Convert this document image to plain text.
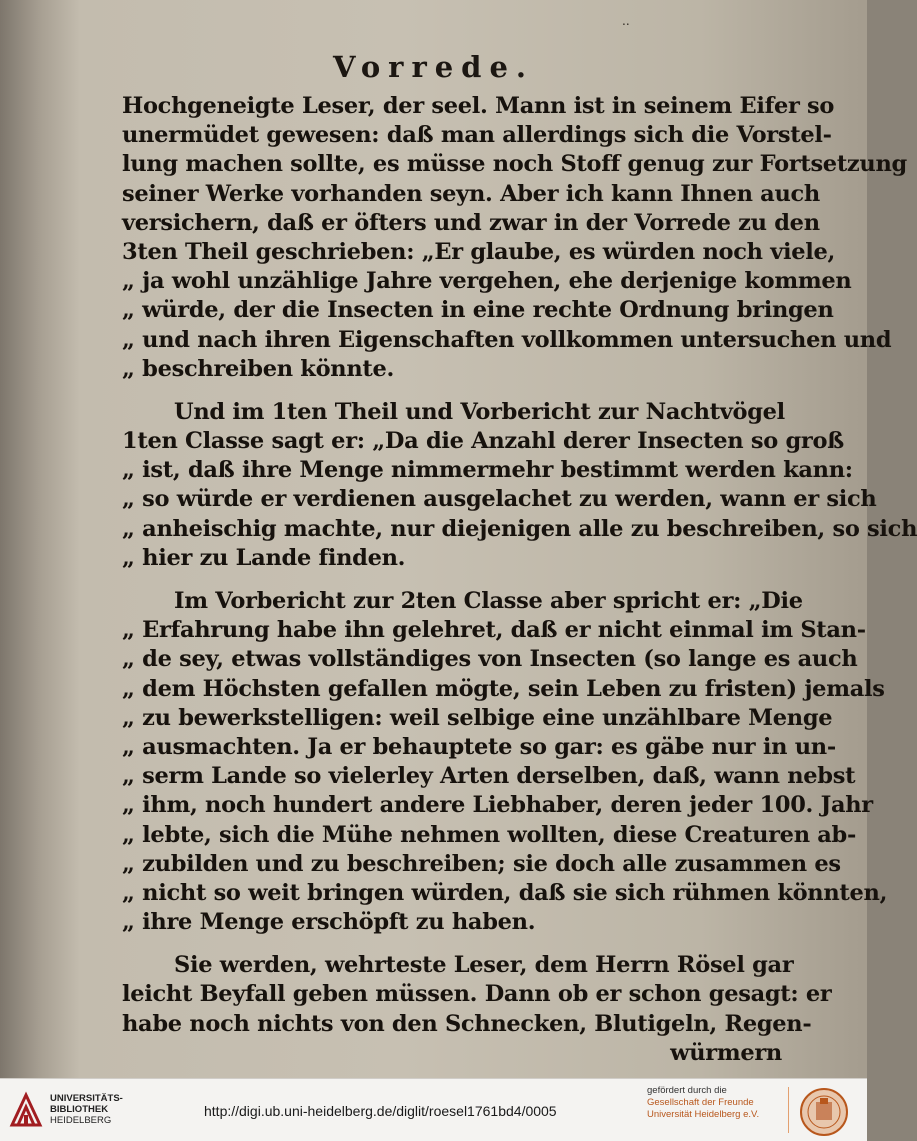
..
Vorrede.
Hochgeneigte Leser, der seel. Mann ist in seinem Eifer so
unermüdet gewesen: daß man allerdings sich die Vorstel-
lung machen sollte, es müsse noch Stoff genug zur Fortsetzung
seiner Werke vorhanden seyn. Aber ich kann Ihnen auch
versichern, daß er öfters und zwar in der Vorrede zu den
3ten Theil geschrieben: „Er glaube, es würden noch viele,
„ ja wohl unzählige Jahre vergehen, ehe derjenige kommen
„ würde, der die Insecten in eine rechte Ordnung bringen
„ und nach ihren Eigenschaften vollkommen untersuchen und
„ beschreiben könnte.
Und im 1ten Theil und Vorbericht zur Nachtvögel
1ten Classe sagt er: „Da die Anzahl derer Insecten so groß
„ ist, daß ihre Menge nimmermehr bestimmt werden kann:
„ so würde er verdienen ausgelachet zu werden, wann er sich
„ anheischig machte, nur diejenigen alle zu beschreiben, so sich
„ hier zu Lande finden.
Im Vorbericht zur 2ten Classe aber spricht er: „Die
„ Erfahrung habe ihn gelehret, daß er nicht einmal im Stan-
„ de sey, etwas vollständiges von Insecten (so lange es auch
„ dem Höchsten gefallen mögte, sein Leben zu fristen) jemals
„ zu bewerkstelligen: weil selbige eine unzählbare Menge
„ ausmachten. Ja er behauptete so gar: es gäbe nur in un-
„ serm Lande so vielerley Arten derselben, daß, wann nebst
„ ihm, noch hundert andere Liebhaber, deren jeder 100. Jahr
„ lebte, sich die Mühe nehmen wollten, diese Creaturen ab-
„ zubilden und zu beschreiben; sie doch alle zusammen es
„ nicht so weit bringen würden, daß sie sich rühmen könnten,
„ ihre Menge erschöpft zu haben.
Sie werden, wehrteste Leser, dem Herrn Rösel gar
leicht Beyfall geben müssen. Dann ob er schon gesagt: er
habe noch nichts von den Schnecken, Blutigeln, Regen-
würmern
UNIVERSITÄTS-
BIBLIOTHEK
HEIDELBERG
http://digi.ub.uni-heidelberg.de/diglit/roesel1761bd4/0005
gefördert durch die
Gesellschaft der Freunde
Universität Heidelberg e.V.
